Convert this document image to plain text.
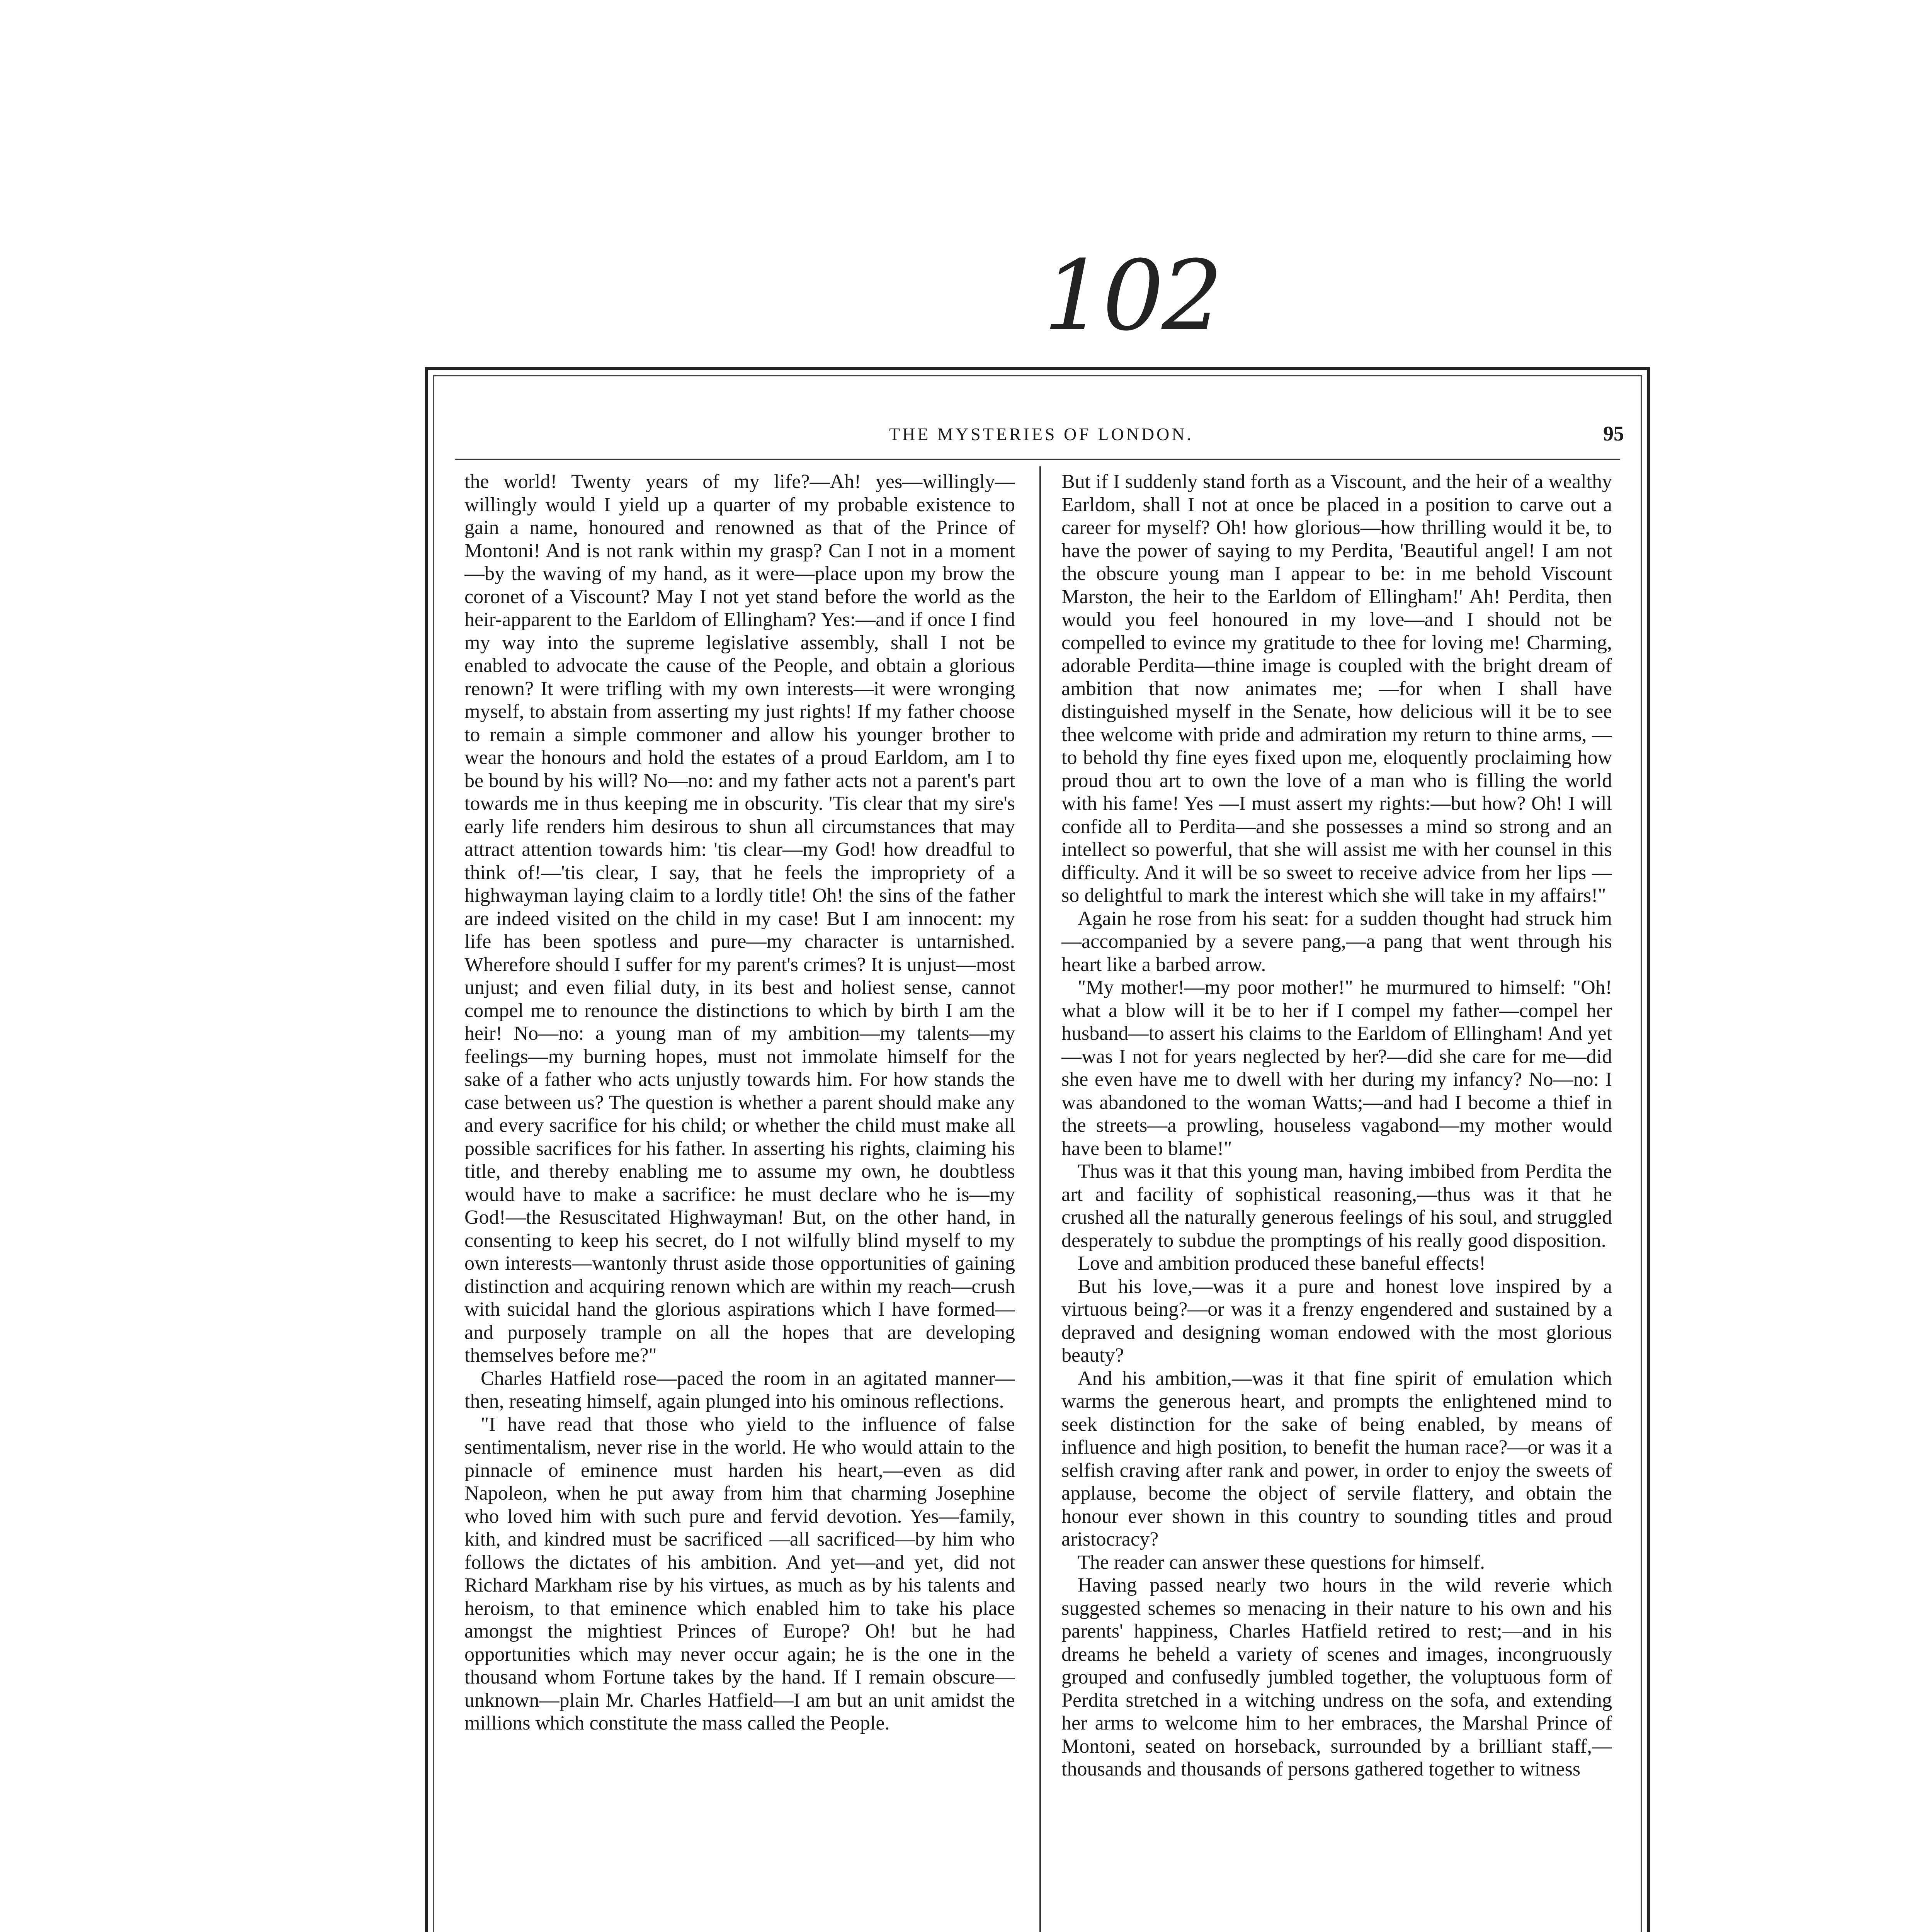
102
THE MYSTERIES OF LONDON.	95

the world! Twenty years of my life?—Ah! yes—willingly—willingly would I yield up a quarter of my probable existence to gain a name, honoured and renowned as that of the Prince of Montoni! And is not rank within my grasp? Can I not in a moment —by the waving of my hand, as it were—place upon my brow the coronet of a Viscount? May I not yet stand before the world as the heir-apparent to the Earldom of Ellingham? Yes:—and if once I find my way into the supreme legislative assembly, shall I not be enabled to advocate the cause of the People, and obtain a glorious renown? It were trifling with my own interests—it were wronging myself, to abstain from asserting my just rights! If my father choose to remain a simple commoner and allow his younger brother to wear the honours and hold the estates of a proud Earldom, am I to be bound by his will? No—no: and my father acts not a parent's part towards me in thus keeping me in obscurity. 'Tis clear that my sire's early life renders him desirous to shun all circumstances that may attract attention towards him: 'tis clear—my God! how dreadful to think of!—'tis clear, I say, that he feels the impropriety of a highwayman laying claim to a lordly title! Oh! the sins of the father are indeed visited on the child in my case! But I am innocent: my life has been spotless and pure—my character is untarnished. Wherefore should I suffer for my parent's crimes? It is unjust—most unjust; and even filial duty, in its best and holiest sense, cannot compel me to renounce the distinctions to which by birth I am the heir! No—no: a young man of my ambition—my talents—my feelings—my burning hopes, must not immolate himself for the sake of a father who acts unjustly towards him. For how stands the case between us? The question is whether a parent should make any and every sacrifice for his child; or whether the child must make all possible sacrifices for his father. In asserting his rights, claiming his title, and thereby enabling me to assume my own, he doubtless would have to make a sacrifice: he must declare who he is—my God!—the Resuscitated Highwayman! But, on the other hand, in consenting to keep his secret, do I not wilfully blind myself to my own interests—wantonly thrust aside those opportunities of gaining distinction and acquiring renown which are within my reach—crush with suicidal hand the glorious aspirations which I have formed—and purposely trample on all the hopes that are developing themselves before me?"

Charles Hatfield rose—paced the room in an agitated manner—then, reseating himself, again plunged into his ominous reflections.

"I have read that those who yield to the influence of false sentimentalism, never rise in the world. He who would attain to the pinnacle of eminence must harden his heart,—even as did Napoleon, when he put away from him that charming Josephine who loved him with such pure and fervid devotion. Yes—family, kith, and kindred must be sacrificed —all sacrificed—by him who follows the dictates of his ambition. And yet—and yet, did not Richard Markham rise by his virtues, as much as by his talents and heroism, to that eminence which enabled him to take his place amongst the mightiest Princes of Europe? Oh! but he had opportunities which may never occur again; he is the one in the thousand whom Fortune takes by the hand. If I remain obscure—unknown—plain Mr. Charles Hatfield—I am but an unit amidst the millions which constitute the mass called the People.

But if I suddenly stand forth as a Viscount, and the heir of a wealthy Earldom, shall I not at once be placed in a position to carve out a career for myself? Oh! how glorious—how thrilling would it be, to have the power of saying to my Perdita, 'Beautiful angel! I am not the obscure young man I appear to be: in me behold Viscount Marston, the heir to the Earldom of Ellingham!' Ah! Perdita, then would you feel honoured in my love—and I should not be compelled to evince my gratitude to thee for loving me! Charming, adorable Perdita—thine image is coupled with the bright dream of ambition that now animates me; —for when I shall have distinguished myself in the Senate, how delicious will it be to see thee welcome with pride and admiration my return to thine arms, —to behold thy fine eyes fixed upon me, eloquently proclaiming how proud thou art to own the love of a man who is filling the world with his fame! Yes —I must assert my rights:—but how? Oh! I will confide all to Perdita—and she possesses a mind so strong and an intellect so powerful, that she will assist me with her counsel in this difficulty. And it will be so sweet to receive advice from her lips —so delightful to mark the interest which she will take in my affairs!"

Again he rose from his seat: for a sudden thought had struck him—accompanied by a severe pang,—a pang that went through his heart like a barbed arrow.

"My mother!—my poor mother!" he murmured to himself: "Oh! what a blow will it be to her if I compel my father—compel her husband—to assert his claims to the Earldom of Ellingham! And yet—was I not for years neglected by her?—did she care for me—did she even have me to dwell with her during my infancy? No—no: I was abandoned to the woman Watts;—and had I become a thief in the streets—a prowling, houseless vagabond—my mother would have been to blame!"

Thus was it that this young man, having imbibed from Perdita the art and facility of sophistical reasoning,—thus was it that he crushed all the naturally generous feelings of his soul, and struggled desperately to subdue the promptings of his really good disposition.

Love and ambition produced these baneful effects!

But his love,—was it a pure and honest love inspired by a virtuous being?—or was it a frenzy engendered and sustained by a depraved and designing woman endowed with the most glorious beauty?

And his ambition,—was it that fine spirit of emulation which warms the generous heart, and prompts the enlightened mind to seek distinction for the sake of being enabled, by means of influence and high position, to benefit the human race?—or was it a selfish craving after rank and power, in order to enjoy the sweets of applause, become the object of servile flattery, and obtain the honour ever shown in this country to sounding titles and proud aristocracy?

The reader can answer these questions for himself.

Having passed nearly two hours in the wild reverie which suggested schemes so menacing in their nature to his own and his parents' happiness, Charles Hatfield retired to rest;—and in his dreams he beheld a variety of scenes and images, incongruously grouped and confusedly jumbled together, the voluptuous form of Perdita stretched in a witching undress on the sofa, and extending her arms to welcome him to her embraces, the Marshal Prince of Montoni, seated on horseback, surrounded by a brilliant staff,—thousands and thousands of persons gathered together to witness
